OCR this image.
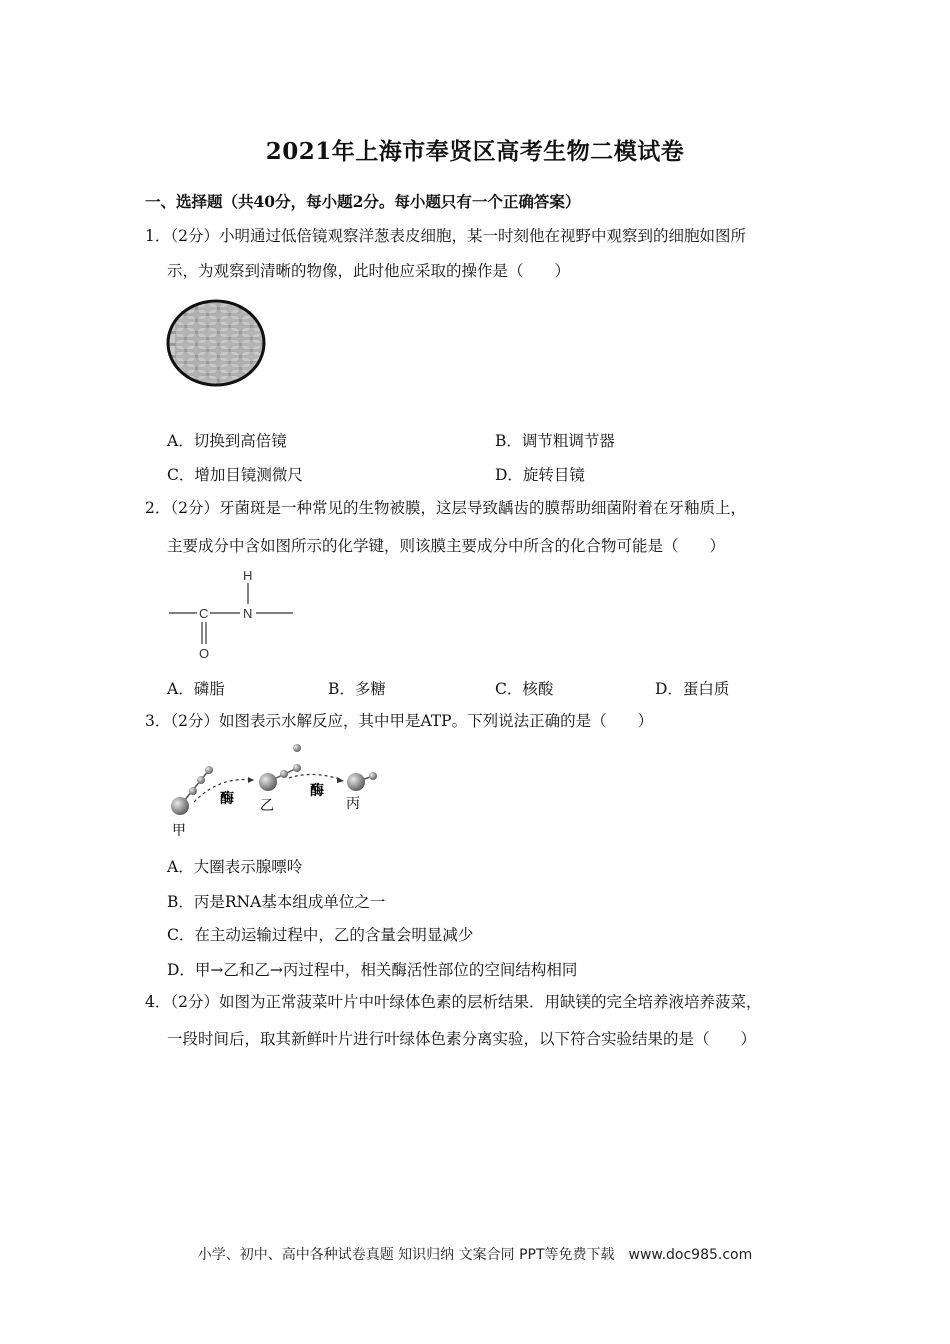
2021年上海市奉贤区高考生物二模试卷
一、选择题（共40分，每小题2分。每小题只有一个正确答案）
1．（2分）小明通过低倍镜观察洋葱表皮细胞，某一时刻他在视野中观察到的细胞如图所
示，为观察到清晰的物像，此时他应采取的操作是（　　）
A．切换到高倍镜	B．调节粗调节器
C．增加目镜测微尺	D．旋转目镜
2．（2分）牙菌斑是一种常见的生物被膜，这层导致龋齿的膜帮助细菌附着在牙釉质上，
主要成分中含如图所示的化学键，则该膜主要成分中所含的化合物可能是（　　）
C	N
H
O
A．磷脂	B．多糖	C．核酸	D．蛋白质
3．（2分）如图表示水解反应，其中甲是ATP。下列说法正确的是（　　）
酶
甲
乙
酶
丙
A．大圈表示腺嘌呤
B．丙是RNA基本组成单位之一
C．在主动运输过程中，乙的含量会明显减少
D．甲→乙和乙→丙过程中，相关酶活性部位的空间结构相同
4．（2分）如图为正常菠菜叶片中叶绿体色素的层析结果．用缺镁的完全培养液培养菠菜，
一段时间后，取其新鲜叶片进行叶绿体色素分离实验，以下符合实验结果的是（　　）
小学、初中、高中各种试卷真题 知识归纳 文案合同 PPT等免费下载　www.doc985.com
